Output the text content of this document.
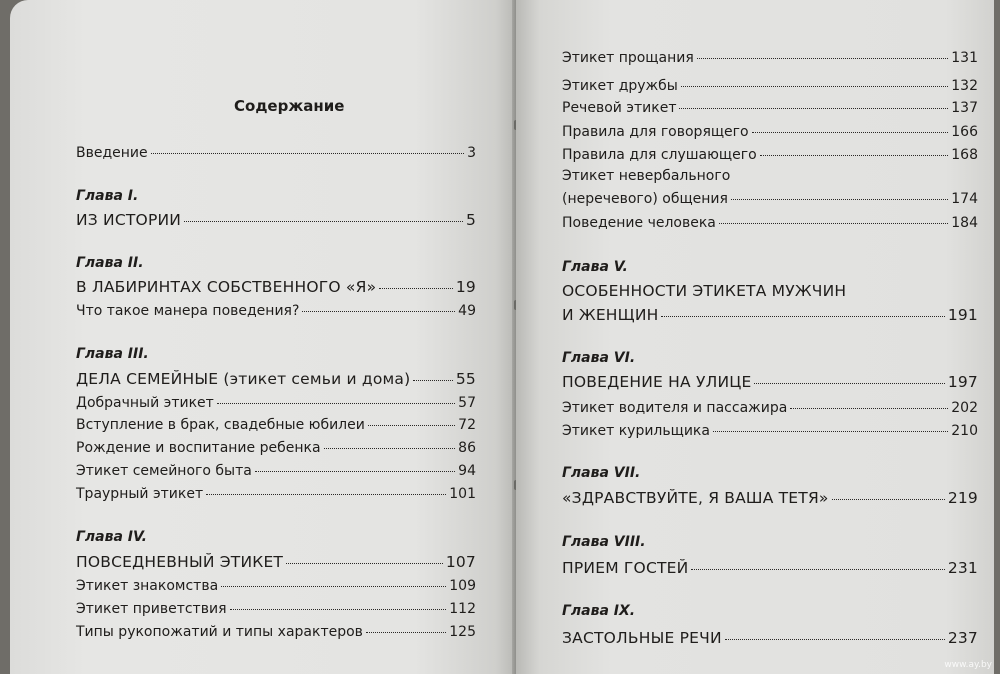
Содержание
Введение	3
Глава I.
ИЗ ИСТОРИИ	5
Глава II.
В ЛАБИРИНТАХ СОБСТВЕННОГО «Я»	19
Что такое манера поведения?	49
Глава III.
ДЕЛА СЕМЕЙНЫЕ (этикет семьи и дома)	55
Добрачный этикет	57
Вступление в брак, свадебные юбилеи	72
Рождение и воспитание ребенка	86
Этикет семейного быта	94
Траурный этикет	101
Глава IV.
ПОВСЕДНЕВНЫЙ ЭТИКЕТ	107
Этикет знакомства	109
Этикет приветствия	112
Типы рукопожатий и типы характеров	125
Этикет прощания	131
Этикет дружбы	132
Речевой этикет	137
Правила для говорящего	166
Правила для слушающего	168
Этикет невербального
(неречевого) общения	174
Поведение человека	184
Глава V.
ОСОБЕННОСТИ ЭТИКЕТА МУЖЧИН
И ЖЕНЩИН	191
Глава VI.
ПОВЕДЕНИЕ НА УЛИЦЕ	197
Этикет водителя и пассажира	202
Этикет курильщика	210
Глава VII.
«ЗДРАВСТВУЙТЕ, Я ВАША ТЕТЯ»	219
Глава VIII.
ПРИЕМ ГОСТЕЙ	231
Глава IX.
ЗАСТОЛЬНЫЕ РЕЧИ	237
www.ay.by
